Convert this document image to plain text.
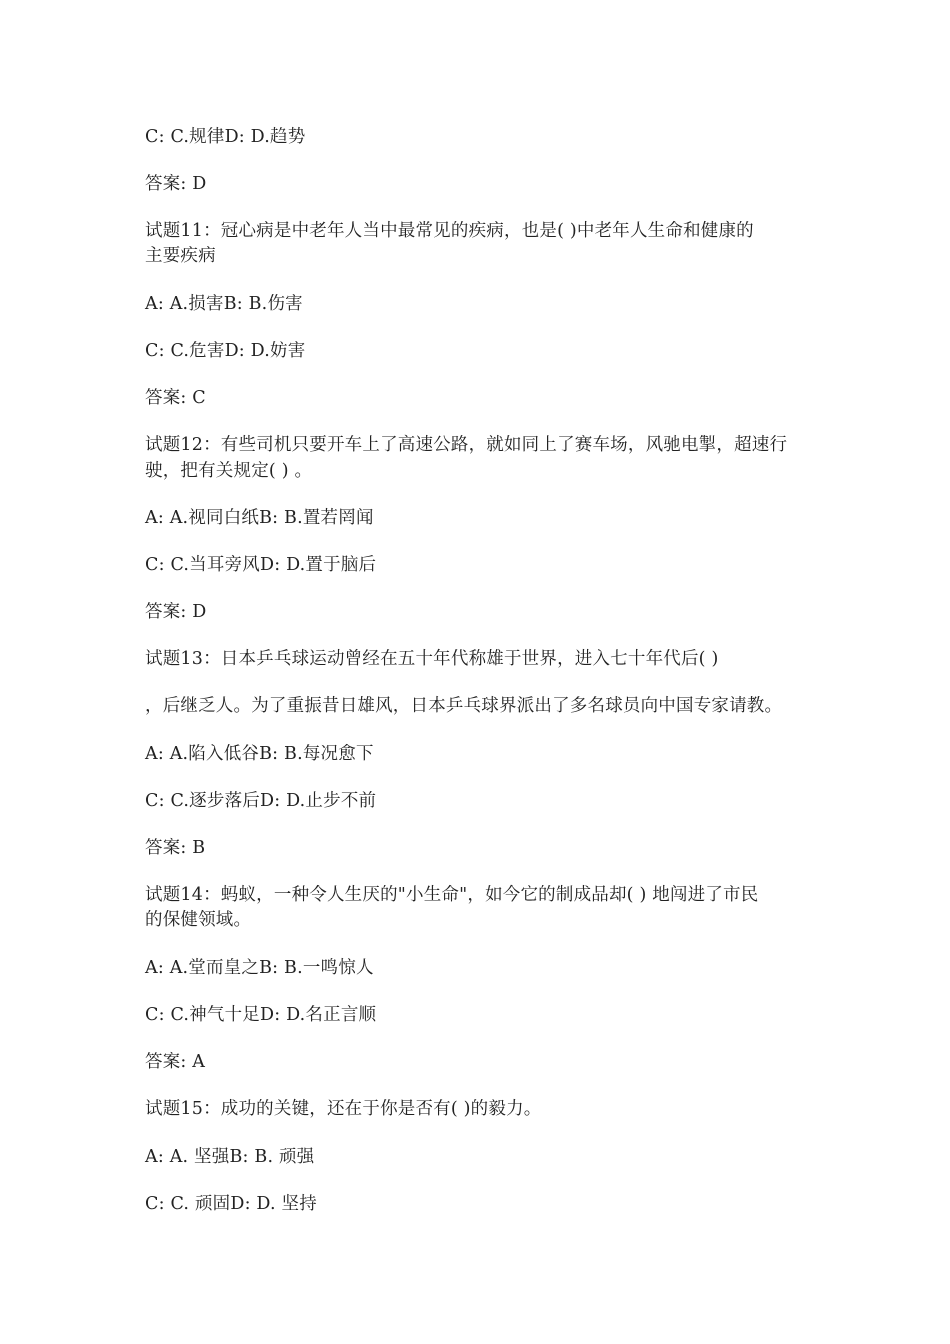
C: C.规律D: D.趋势
答案: D
试题11：冠心病是中老年人当中最常见的疾病，也是( )中老年人生命和健康的
主要疾病
A: A.损害B: B.伤害
C: C.危害D: D.妨害
答案: C
试题12：有些司机只要开车上了高速公路，就如同上了赛车场，风驰电掣，超速行
驶，把有关规定( ) 。
A: A.视同白纸B: B.置若罔闻
C: C.当耳旁风D: D.置于脑后
答案: D
试题13：日本乒乓球运动曾经在五十年代称雄于世界，进入七十年代后( )
，后继乏人。为了重振昔日雄风，日本乒乓球界派出了多名球员向中国专家请教。
A: A.陷入低谷B: B.每况愈下
C: C.逐步落后D: D.止步不前
答案: B
试题14：蚂蚁，一种令人生厌的"小生命"，如今它的制成品却( ) 地闯进了市民
的保健领域。
A: A.堂而皇之B: B.一鸣惊人
C: C.神气十足D: D.名正言顺
答案: A
试题15：成功的关键，还在于你是否有( )的毅力。
A: A. 坚强B: B. 顽强
C: C. 顽固D: D. 坚持
